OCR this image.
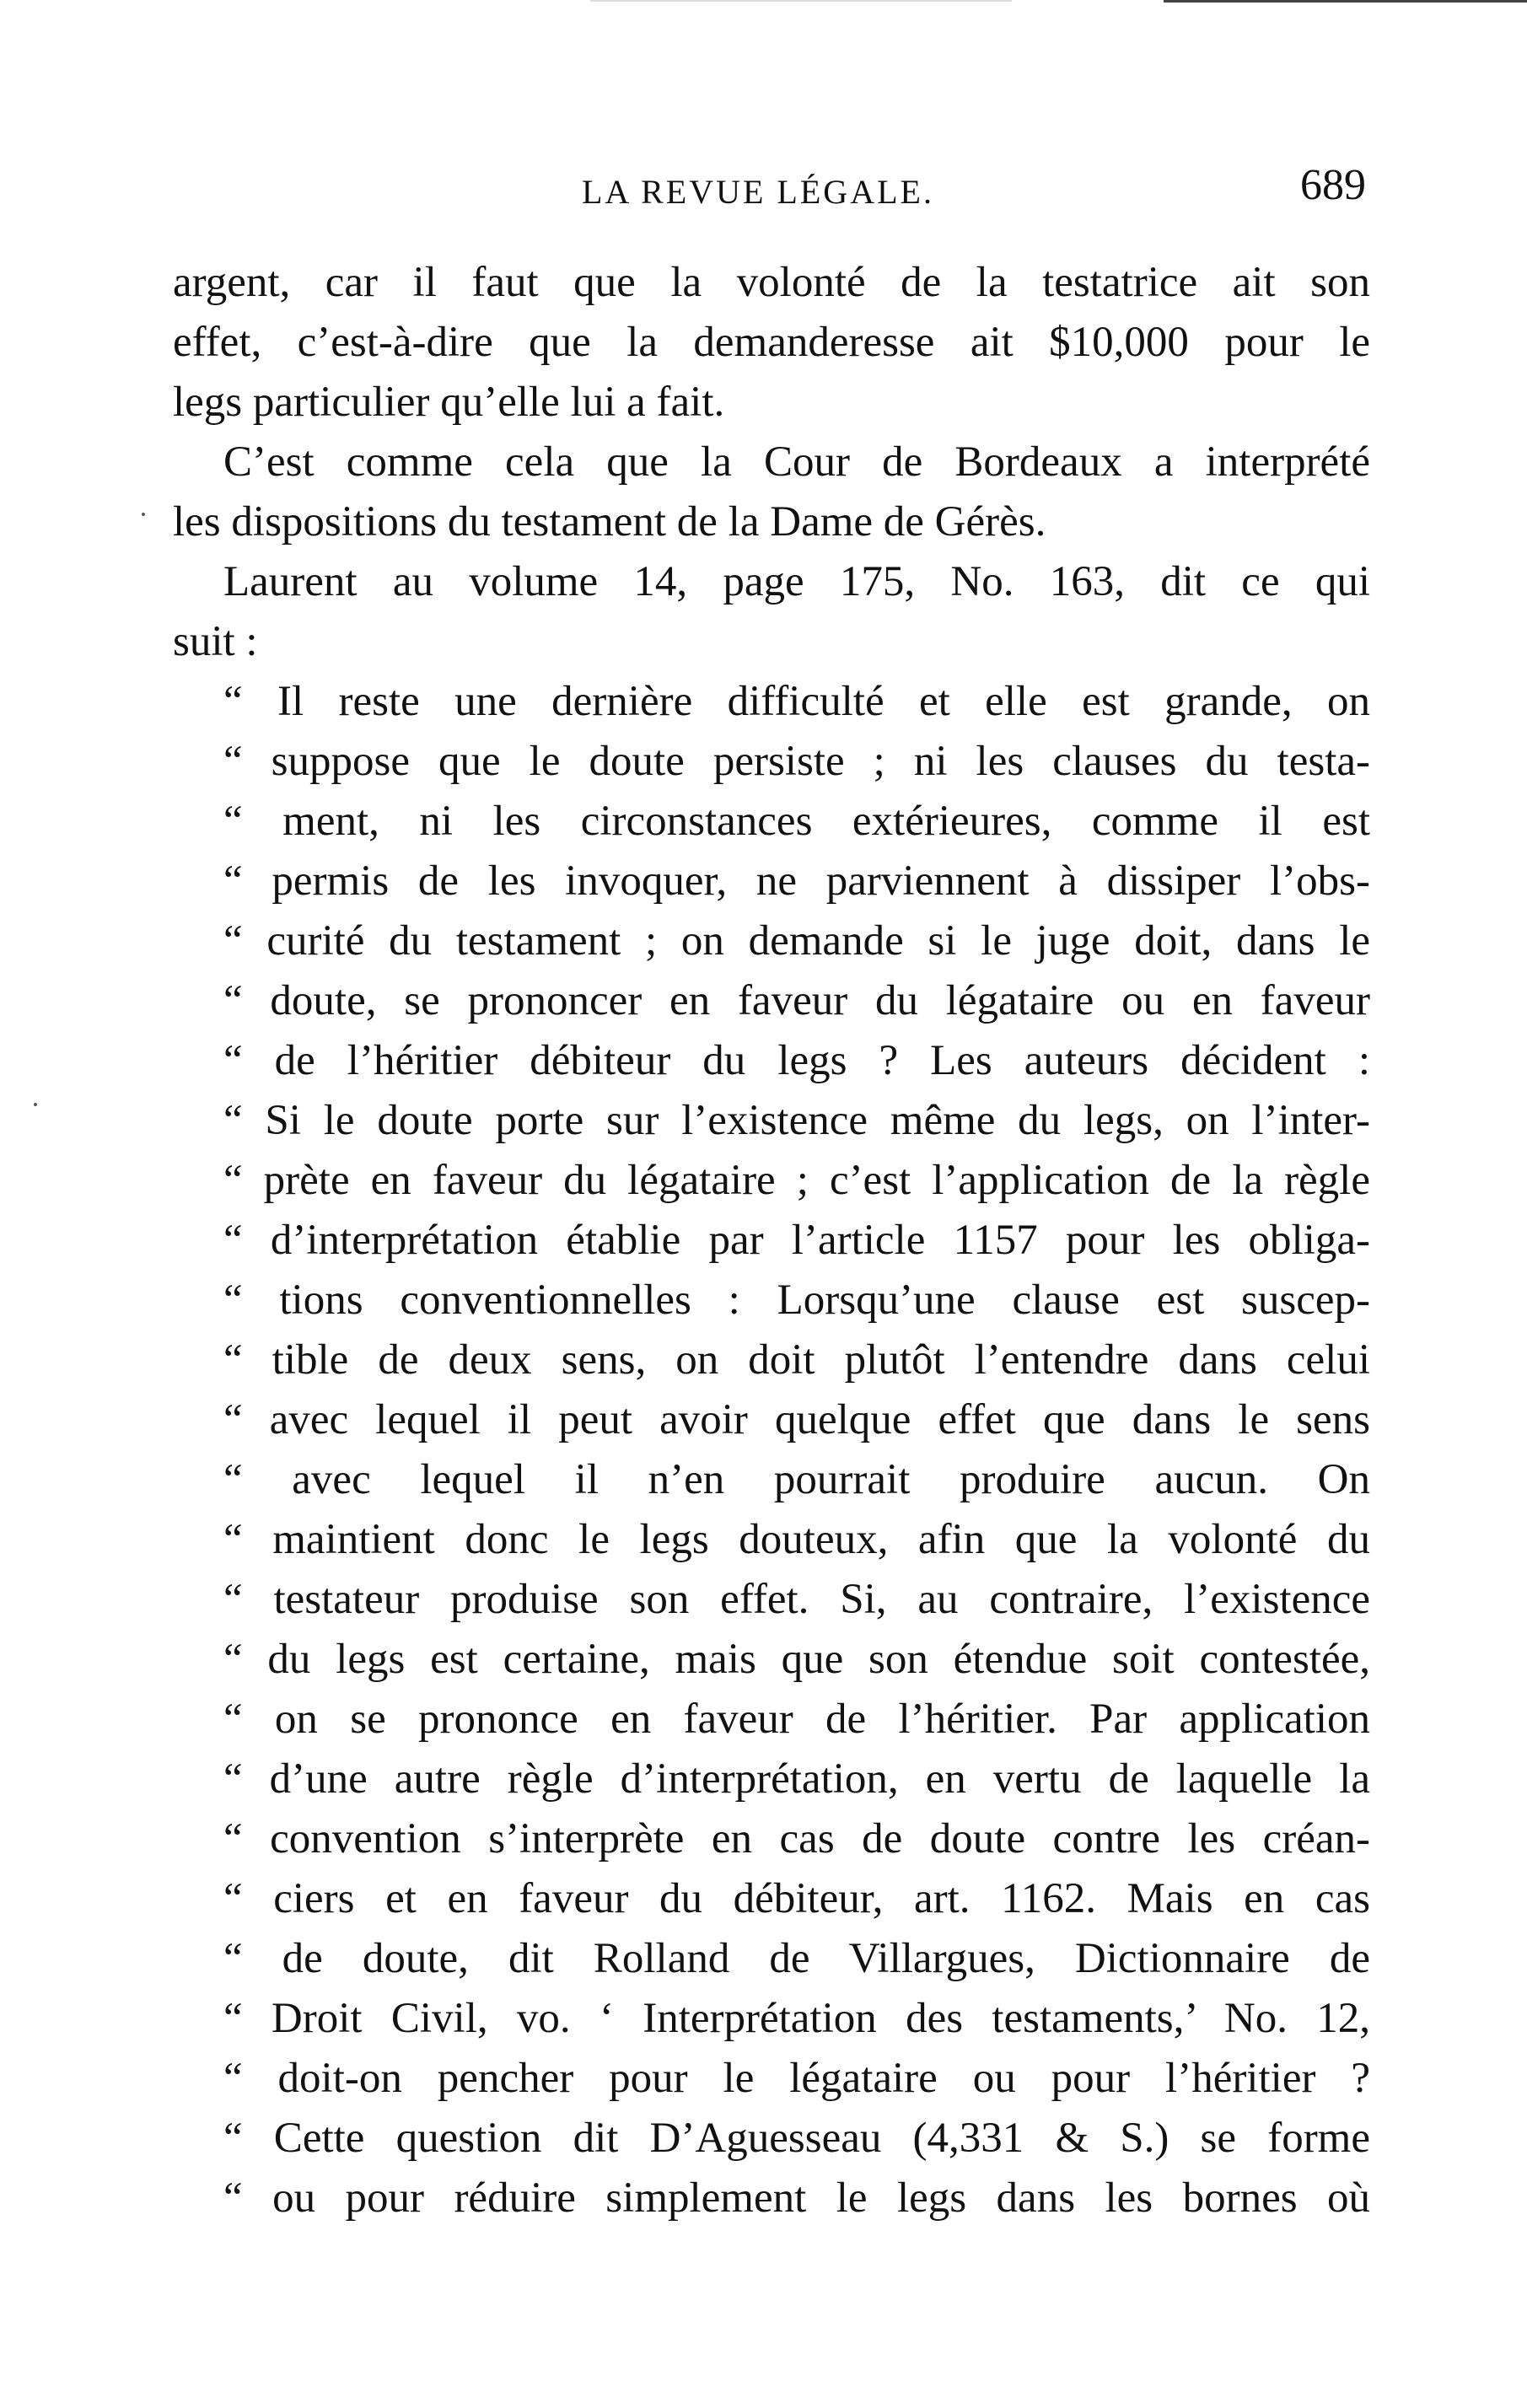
LA REVUE LÉGALE.	689
argent, car il faut que la volonté de la testatrice ait son
effet, c’est-à-dire que la demanderesse ait $10,000 pour le
legs particulier qu’elle lui a fait.
C’est comme cela que la Cour de Bordeaux a interprété
les dispositions du testament de la Dame de Gérès.
Laurent au volume 14, page 175, No. 163, dit ce qui
suit :
“ Il reste une dernière difficulté et elle est grande, on
“ suppose que le doute persiste ; ni les clauses du testa-
“ ment, ni les circonstances extérieures, comme il est
“ permis de les invoquer, ne parviennent à dissiper l’obs-
“ curité du testament ; on demande si le juge doit, dans le
“ doute, se prononcer en faveur du légataire ou en faveur
“ de l’héritier débiteur du legs ? Les auteurs décident :
“ Si le doute porte sur l’existence même du legs, on l’inter-
“ prète en faveur du légataire ; c’est l’application de la règle
“ d’interprétation établie par l’article 1157 pour les obliga-
“ tions conventionnelles : Lorsqu’une clause est suscep-
“ tible de deux sens, on doit plutôt l’entendre dans celui
“ avec lequel il peut avoir quelque effet que dans le sens
“ avec lequel il n’en pourrait produire aucun. On
“ maintient donc le legs douteux, afin que la volonté du
“ testateur produise son effet. Si, au contraire, l’existence
“ du legs est certaine, mais que son étendue soit contestée,
“ on se prononce en faveur de l’héritier. Par application
“ d’une autre règle d’interprétation, en vertu de laquelle la
“ convention s’interprète en cas de doute contre les créan-
“ ciers et en faveur du débiteur, art. 1162. Mais en cas
“ de doute, dit Rolland de Villargues, Dictionnaire de
“ Droit Civil, vo. ‘ Interprétation des testaments,’ No. 12,
“ doit-on pencher pour le légataire ou pour l’héritier ?
“ Cette question dit D’Aguesseau (4,331 & S.) se forme
“ ou pour réduire simplement le legs dans les bornes où
